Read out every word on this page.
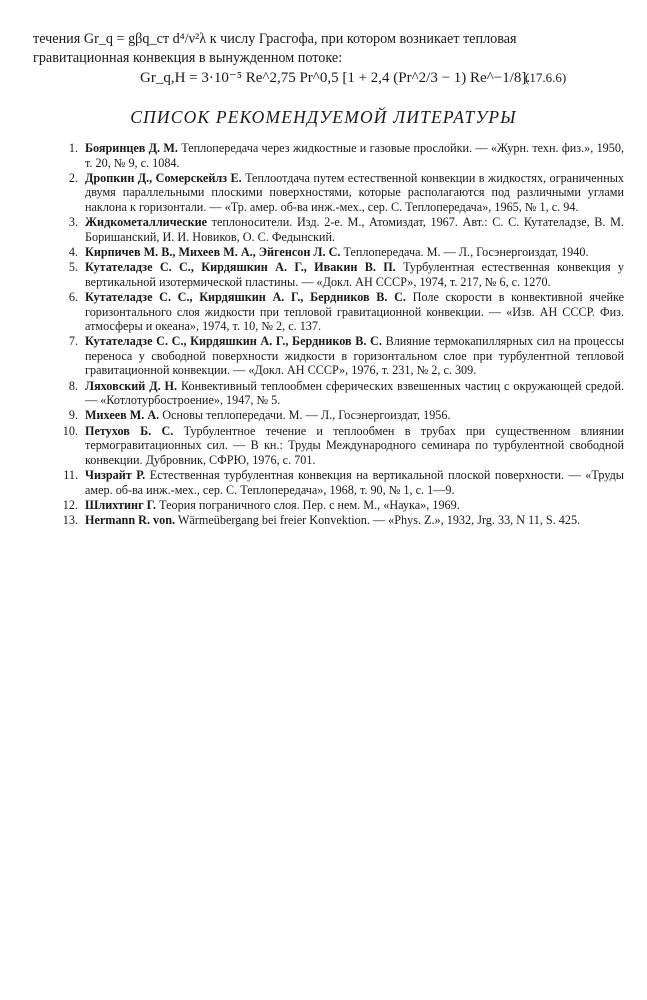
течения Gr_q = gβq_ст d⁴/ν²λ к числу Грасгофа, при котором возникает тепловая
гравитационная конвекция в вынужденном потоке:
Gr_q,H = 3·10⁻⁵ Re^2,75 Pr^0,5 [1 + 2,4 (Pr^2/3 − 1) Re^−1/8].
(17.6.6)
СПИСОК РЕКОМЕНДУЕМОЙ ЛИТЕРАТУРЫ
1. Бояринцев Д. М. Теплопередача через жидкостные и газовые прослойки. — «Журн. техн. физ.», 1950, т. 20, № 9, с. 1084.
2. Дропкин Д., Сомерскейлз Е. Теплоотдача путем естественной конвекции в жидкостях, ограниченных двумя параллельными плоскими поверхностями, которые располагаются под различными углами наклона к горизонтали. — «Тр. амер. об-ва инж.-мех., сер. С. Теплопередача», 1965, № 1, с. 94.
3. Жидкометаллические теплоносители. Изд. 2-е. М., Атомиздат, 1967. Авт.: С. С. Кутателадзе, В. М. Боришанский, И. И. Новиков, О. С. Федынский.
4. Кирпичев М. В., Михеев М. А., Эйгенсон Л. С. Теплопередача. М. — Л., Госэнергоиздат, 1940.
5. Кутателадзе С. С., Кирдяшкин А. Г., Ивакин В. П. Турбулентная естественная конвекция у вертикальной изотермической пластины. — «Докл. АН СССР», 1974, т. 217, № 6, с. 1270.
6. Кутателадзе С. С., Кирдяшкин А. Г., Бердников В. С. Поле скорости в конвективной ячейке горизонтального слоя жидкости при тепловой гравитационной конвекции. — «Изв. АН СССР. Физ. атмосферы и океана», 1974, т. 10, № 2, с. 137.
7. Кутателадзе С. С., Кирдяшкин А. Г., Бердников В. С. Влияние термокапиллярных сил на процессы переноса у свободной поверхности жидкости в горизонтальном слое при турбулентной тепловой гравитационной конвекции. — «Докл. АН СССР», 1976, т. 231, № 2, с. 309.
8. Ляховский Д. Н. Конвективный теплообмен сферических взвешенных частиц с окружающей средой. — «Котлотурбостроение», 1947, № 5.
9. Михеев М. А. Основы теплопередачи. М. — Л., Госэнергоиздат, 1956.
10. Петухов Б. С. Турбулентное течение и теплообмен в трубах при существенном влиянии термогравитационных сил. — В кн.: Труды Международного семинара по турбулентной свободной конвекции. Дубровник, СФРЮ, 1976, с. 701.
11. Чизрайт Р. Естественная турбулентная конвекция на вертикальной плоской поверхности. — «Труды амер. об-ва инж.-мех., сер. С. Теплопередача», 1968, т. 90, № 1, с. 1—9.
12. Шлихтинг Г. Теория пограничного слоя. Пер. с нем. М., «Наука», 1969.
13. Hermann R. von. Wärmeübergang bei freier Konvektion. — «Phys. Z.», 1932, Jrg. 33, N 11, S. 425.
